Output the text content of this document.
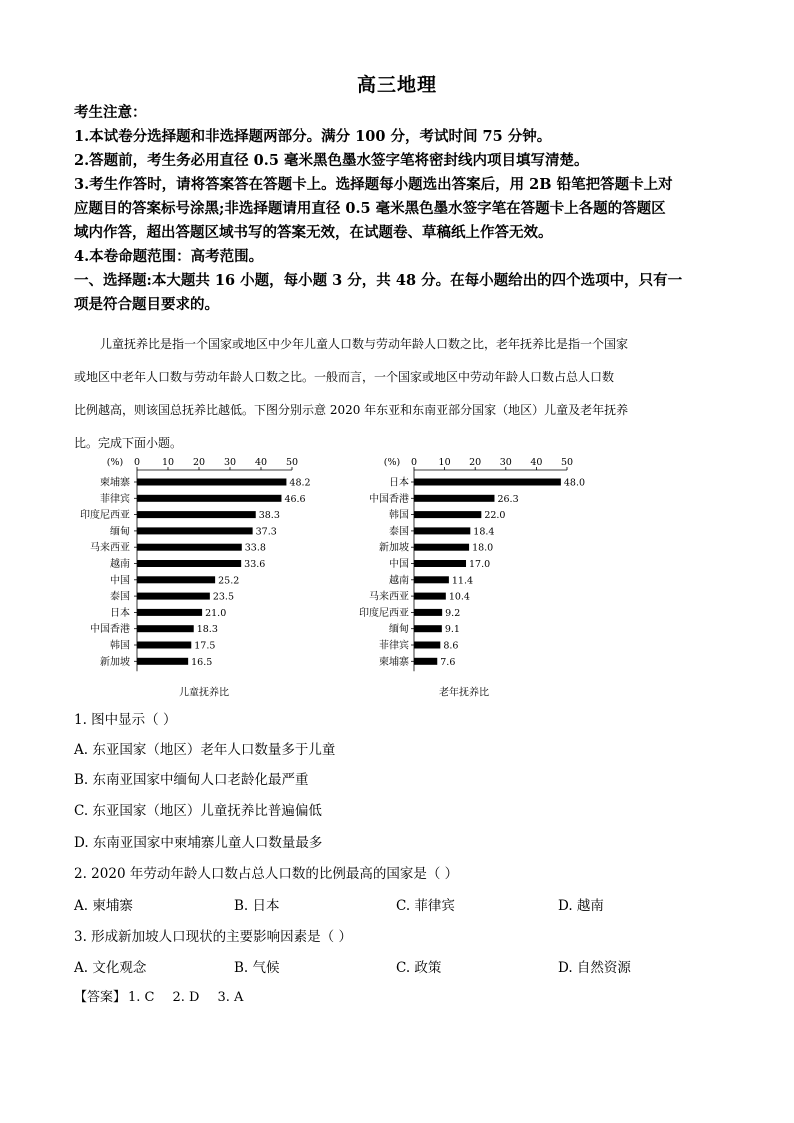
高三地理
考生注意：
1.本试卷分选择题和非选择题两部分。满分 100 分，考试时间 75 分钟。
2.答题前，考生务必用直径 0.5 毫米黑色墨水签字笔将密封线内项目填写清楚。
3.考生作答时，请将答案答在答题卡上。选择题每小题选出答案后，用 2B 铅笔把答题卡上对
应题目的答案标号涂黑;非选择题请用直径 0.5 毫米黑色墨水签字笔在答题卡上各题的答题区
域内作答，超出答题区域书写的答案无效，在试题卷、草稿纸上作答无效。
4.本卷命题范围：高考范围。
一、选择题:本大题共 16 小题，每小题 3 分，共 48 分。在每小题给出的四个选项中，只有一
项是符合题目要求的。
儿童抚养比是指一个国家或地区中少年儿童人口数与劳动年龄人口数之比，老年抚养比是指一个国家
或地区中老年人口数与劳动年龄人口数之比。一般而言，一个国家或地区中劳动年龄人口数占总人口数
比例越高，则该国总抚养比越低。下图分别示意 2020 年东亚和东南亚部分国家（地区）儿童及老年抚养
比。完成下面小题。
(%) 0 10 20 30 40 50
柬埔寨	48.2
菲律宾	46.6
印度尼西亚	38.3
缅甸	37.3
马来西亚	33.8
越南	33.6
中国	25.2
泰国	23.5
日本	21.0
中国香港	18.3
韩国	17.5
新加坡	16.5
儿童抚养比
(%) 0 10 20 30 40 50
日本	48.0
中国香港	26.3
韩国	22.0
泰国	18.4
新加坡	18.0
中国	17.0
越南	11.4
马来西亚	10.4
印度尼西亚	9.2
缅甸	9.1
菲律宾	8.6
柬埔寨	7.6
老年抚养比
1. 图中显示（ ）
A. 东亚国家（地区）老年人口数量多于儿童
B. 东南亚国家中缅甸人口老龄化最严重
C. 东亚国家（地区）儿童抚养比普遍偏低
D. 东南亚国家中柬埔寨儿童人口数量最多
2. 2020 年劳动年龄人口数占总人口数的比例最高的国家是（ ）
A. 柬埔寨	B. 日本	C. 菲律宾	D. 越南
3. 形成新加坡人口现状的主要影响因素是（ ）
A. 文化观念	B. 气候	C. 政策	D. 自然资源
【答案】 1. C 2. D 3. A
